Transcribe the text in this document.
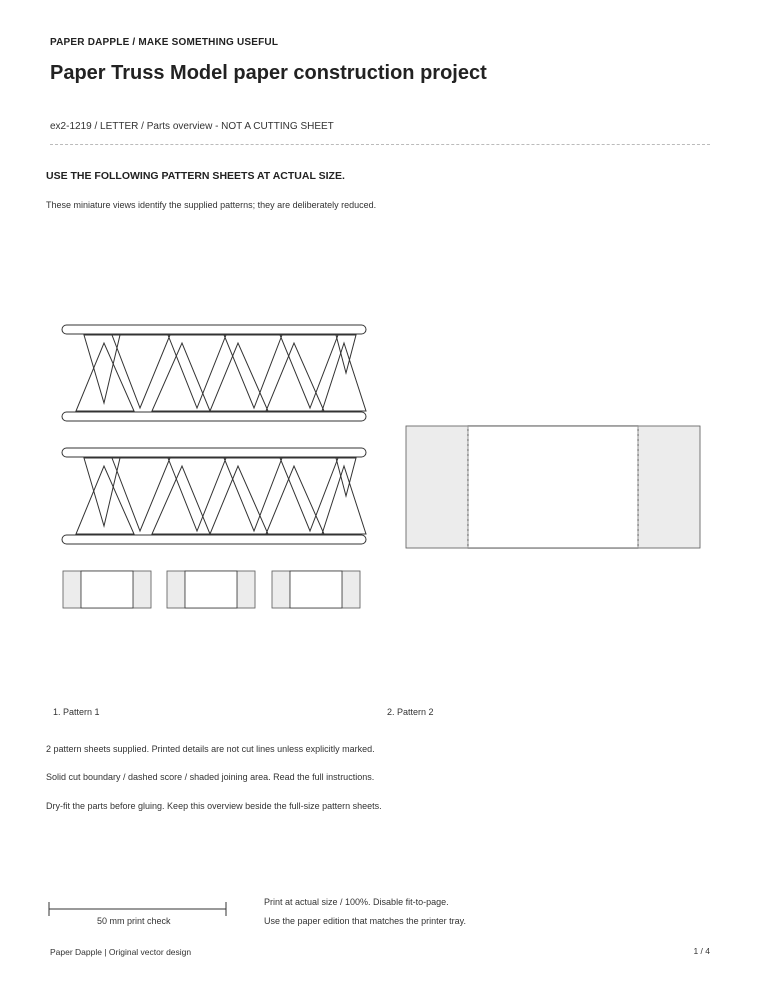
PAPER DAPPLE / MAKE SOMETHING USEFUL
Paper Truss Model paper construction project
ex2-1219 / LETTER / Parts overview - NOT A CUTTING SHEET
USE THE FOLLOWING PATTERN SHEETS AT ACTUAL SIZE.
These miniature views identify the supplied patterns; they are deliberately reduced.
1. Pattern 1	2. Pattern 2
2 pattern sheets supplied. Printed details are not cut lines unless explicitly marked.
Solid cut boundary / dashed score / shaded joining area. Read the full instructions.
Dry-fit the parts before gluing. Keep this overview beside the full-size pattern sheets.
50 mm print check
Print at actual size / 100%. Disable fit-to-page.
Use the paper edition that matches the printer tray.
Paper Dapple | Original vector design	1 / 4
